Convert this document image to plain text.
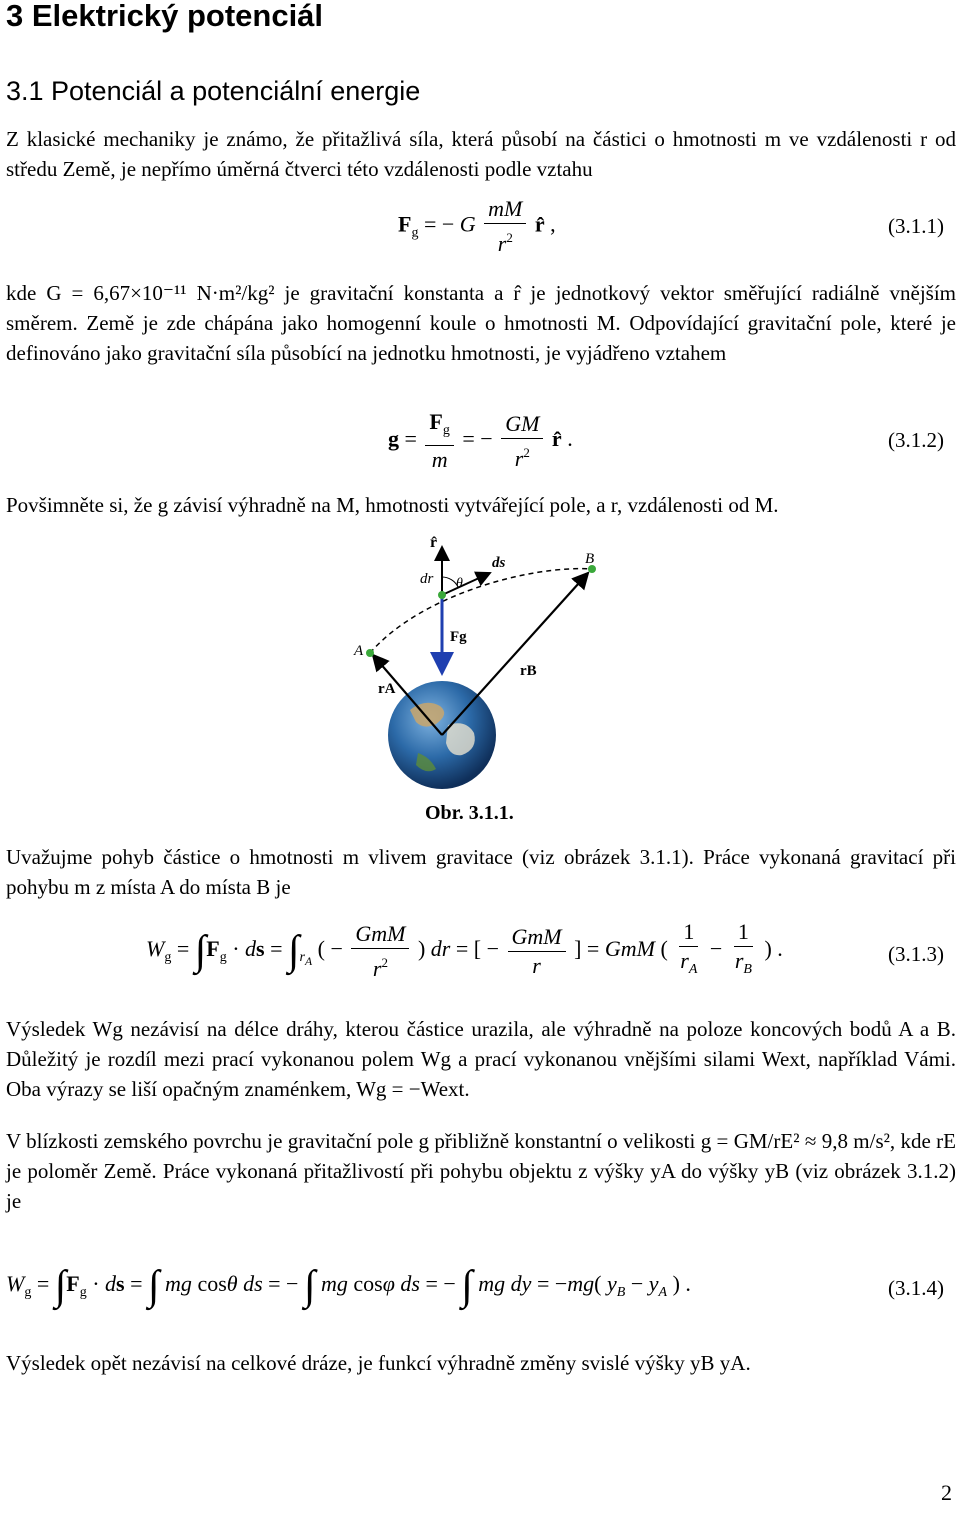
3 Elektrický potenciál
3.1 Potenciál a potenciální energie

Z klasické mechaniky je známo, že přitažlivá síla, která působí na částici o hmotnosti m ve vzdálenosti r od středu Země, je nepřímo úměrná čtverci této vzdálenosti podle vztahu

$F_g$ = − G $\frac{mM}{r^2}$ r̂ ,	(3.1.1)

kde G = 6,67×10⁻¹¹ N·m²/kg² je gravitační konstanta a r̂ je jednotkový vektor směřující radiálně vnějším směrem. Země je zde chápána jako homogenní koule o hmotnosti M. Odpovídající gravitační pole, které je definováno jako gravitační síla působící na jednotku hmotnosti, je vyjádřeno vztahem

$g = \frac{F_g}{m}$ = − $\frac{GM}{r^2}$ r̂ .	(3.1.2)

Povšimněte si, že g závisí výhradně na M, hmotnosti vytvářející pole, a r, vzdálenosti od M.

r̂
dr θ
ds	B
A
Fg
rA
rB
Obr. 3.1.1.

Uvažujme pohyb částice o hmotnosti m vlivem gravitace (viz obrázek 3.1.1). Práce vykonaná gravitací při pohybu m z místa A do místa B je

$W_g = \int F_g$ · ds = $\int_{r_A}$ ( − $\frac{\text{GmM}}{r^2}$ ) dr = [ − $\frac{\text{GmM}}{r}$ ] = GmM ( $\frac{1}{r_A} - \frac{1}{r_B}$ ) .	(3.1.3)

Výsledek Wg nezávisí na délce dráhy, kterou částice urazila, ale výhradně na poloze koncových bodů A a B. Důležitý je rozdíl mezi prací vykonanou polem Wg a prací vykonanou vnějšími silami Wext, například Vámi. Oba výrazy se liší opačným znaménkem, Wg = −Wext.

V blízkosti zemského povrchu je gravitační pole g přibližně konstantní o velikosti g = GM/rE² ≈ 9,8 m/s², kde rE je poloměr Země. Práce vykonaná přitažlivostí při pohybu objektu z výšky yA do výšky yB (viz obrázek 3.1.2) je

$W_g = \int F_g$ · ds = ∫ mg cosθ ds = − ∫ mg cosφ ds = − ∫ mg dy = −mg( $y_B - y_A$ ) .	(3.1.4)

Výsledek opět nezávisí na celkové dráze, je funkcí výhradně změny svislé výšky yB yA.

2
